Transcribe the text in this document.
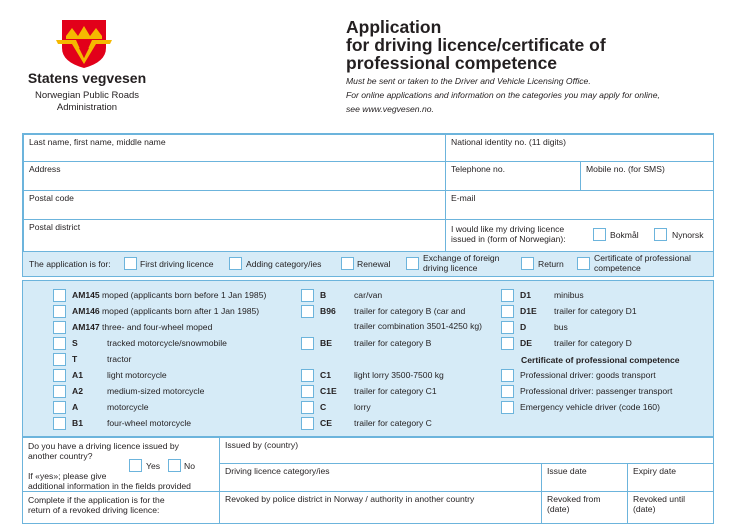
Statens vegvesen
Norwegian Public Roads
Administration
Application
for driving licence/certificate of
professional competence
Must be sent or taken to the Driver and Vehicle Licensing Office.
For online applications and information on the categories you may apply for online,
see www.vegvesen.no.
Last name, first name, middle name	National identity no. (11 digits)
Address	Telephone no.	Mobile no. (for SMS)
Postal code	E-mail
Postal district	I would like my driving licence
issued in (form of Norwegian):	Bokmål	Nynorsk
The application is for:	First driving licence	Adding category/ies	Renewal
Exchange of foreign
driving licence	Return
Certificate of professional
competence
AM145 moped (applicants born before 1 Jan 1985)
AM146 moped (applicants born after 1 Jan 1985)
AM147 three- and four-wheel moped
S	tracked motorcycle/snowmobile
T	tractor
A1	light motorcycle
A2	medium-sized motorcycle
A	motorcycle
B1	four-wheel motorcycle
B	car/van
B96 trailer for category B (car and
trailer combination 3501-4250 kg)
BE	trailer for category B
C1	light lorry 3500-7500 kg
C1E trailer for category C1
C	lorry
CE	trailer for category C
D1	minibus
D1E trailer for category D1
D	bus
DE	trailer for category D
Certificate of professional competence
Professional driver: goods transport
Professional driver: passenger transport
Emergency vehicle driver (code 160)
Do you have a driving licence issued by
another country?
Yes	No
If «yes»; please give
additional information in the fields provided
Issued by (country)
Driving licence category/ies	Issue date	Expiry date
Complete if the application is for the
return of a revoked driving licence:
Revoked by police district in Norway / authority in another country	Revoked from (date)
Revoked until (date)
